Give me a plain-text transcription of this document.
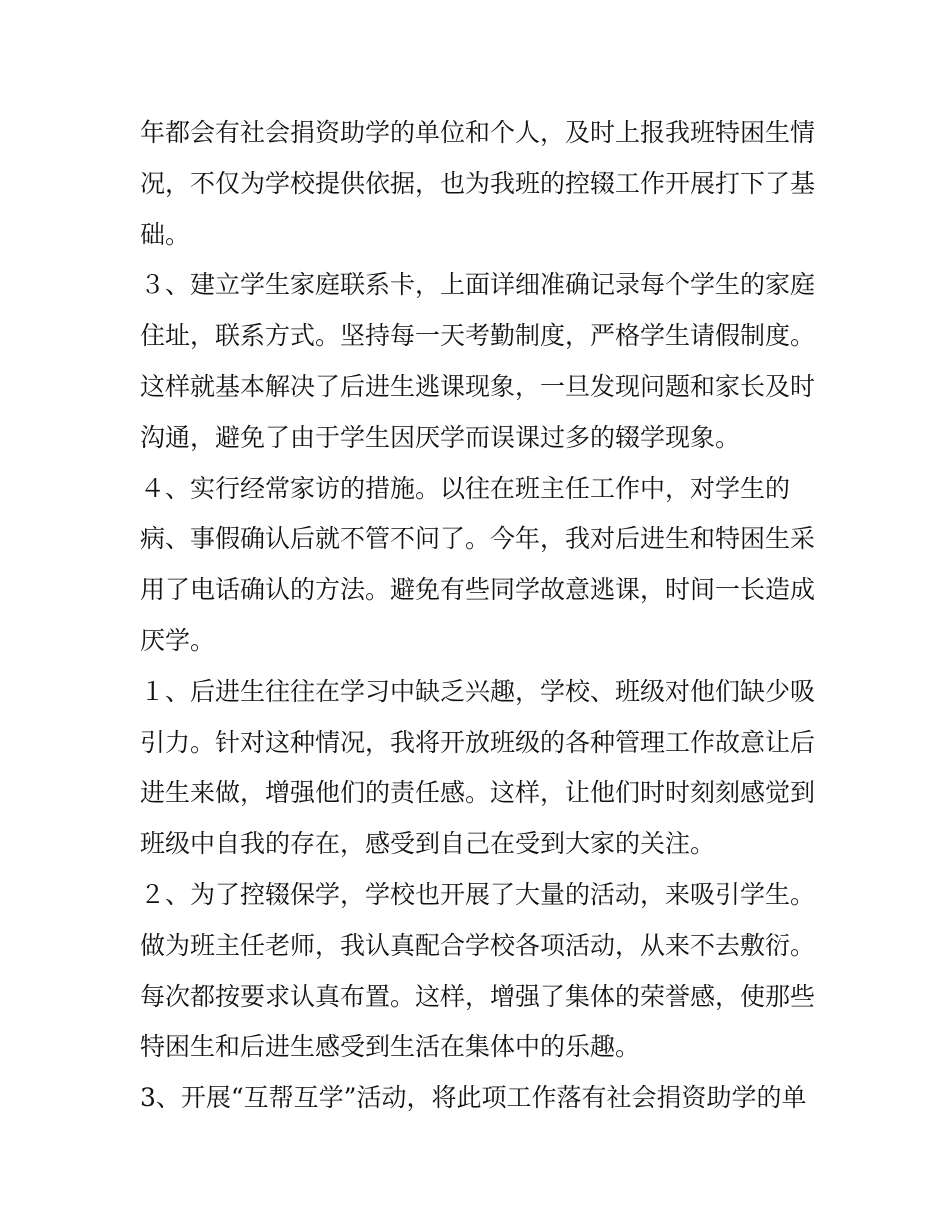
年都会有社会捐资助学的单位和个人，及时上报我班特困生情
况，不仅为学校提供依据，也为我班的控辍工作开展打下了基
础。
３、建立学生家庭联系卡，上面详细准确记录每个学生的家庭
住址，联系方式。坚持每一天考勤制度，严格学生请假制度。
这样就基本解决了后进生逃课现象，一旦发现问题和家长及时
沟通，避免了由于学生因厌学而误课过多的辍学现象。
４、实行经常家访的措施。以往在班主任工作中，对学生的
病、事假确认后就不管不问了。今年，我对后进生和特困生采
用了电话确认的方法。避免有些同学故意逃课，时间一长造成
厌学。
１、后进生往往在学习中缺乏兴趣，学校、班级对他们缺少吸
引力。针对这种情况，我将开放班级的各种管理工作故意让后
进生来做，增强他们的责任感。这样，让他们时时刻刻感觉到
班级中自我的存在，感受到自己在受到大家的关注。
２、为了控辍保学，学校也开展了大量的活动，来吸引学生。
做为班主任老师，我认真配合学校各项活动，从来不去敷衍。
每次都按要求认真布置。这样，增强了集体的荣誉感，使那些
特困生和后进生感受到生活在集体中的乐趣。
3、开展“互帮互学”活动，将此项工作落有社会捐资助学的单
